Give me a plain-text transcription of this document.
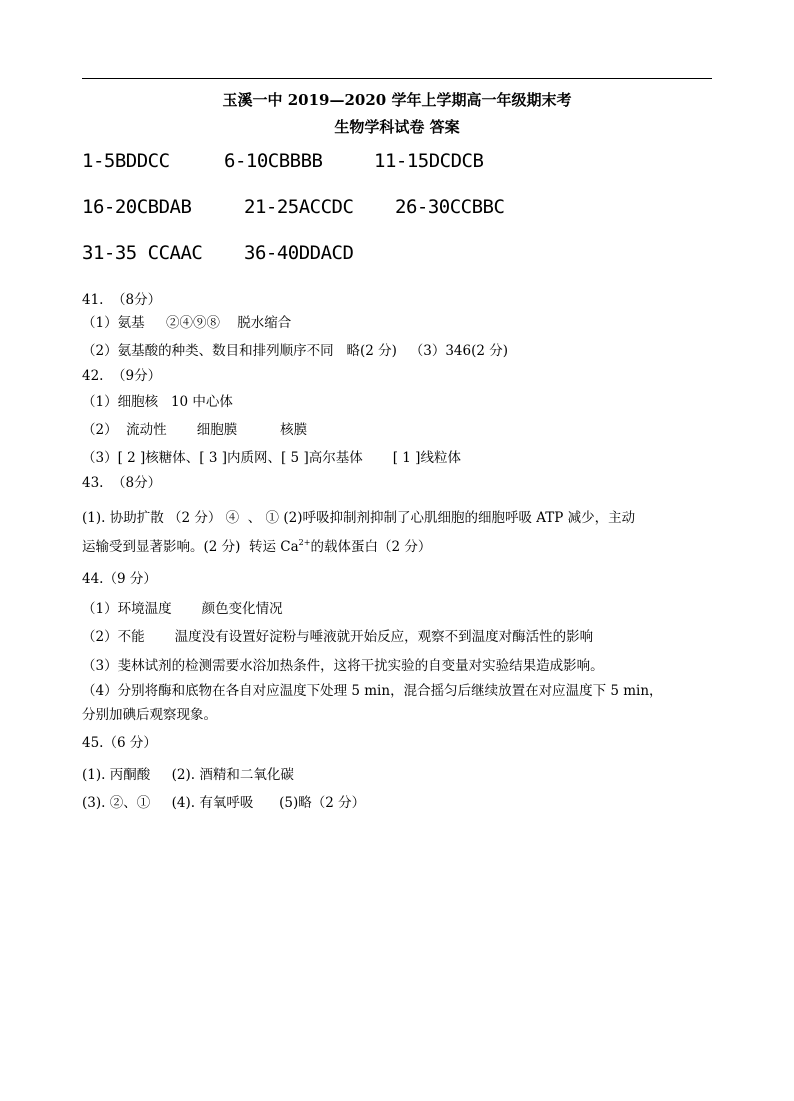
玉溪一中 2019—2020 学年上学期高一年级期末考
生物学科试卷 答案
1-5BDDCC	6-10CBBBB	11-15DCDCB
16-20CBDAB	21-25ACCDC 26-30CCBBC
31-35 CCAAC 36-40DDACD
41.  （8分）
（1）氨基     ②④⑨⑧    脱水缩合
（2）氨基酸的种类、数目和排列顺序不同   略(2 分)   （3）346(2 分)
42.  （9分）
（1）细胞核   10 中心体
（2）  流动性       细胞膜          核膜
（3）[ 2 ]核糖体、[ 3 ]内质网、[ 5 ]高尔基体       [ 1 ]线粒体
43.  （8分）
(1). 协助扩散 （2 分） ④  、 ① (2)呼吸抑制剂抑制了心肌细胞的细胞呼吸 ATP 减少，主动
运输受到显著影响。(2 分)  转运 $Ca^{2+}$的载体蛋白（2 分）
44.（9 分）
（1）环境温度       颜色变化情况
（2）不能       温度没有设置好淀粉与唾液就开始反应，观察不到温度对酶活性的影响
（3）斐林试剂的检测需要水浴加热条件，这将干扰实验的自变量对实验结果造成影响。
（4）分别将酶和底物在各自对应温度下处理 5 min，混合摇匀后继续放置在对应温度下 5 min，
分别加碘后观察现象。
45.（6 分）
(1). 丙酮酸     (2). 酒精和二氧化碳
(3). ②、①     (4). 有氧呼吸      (5)略（2 分）
